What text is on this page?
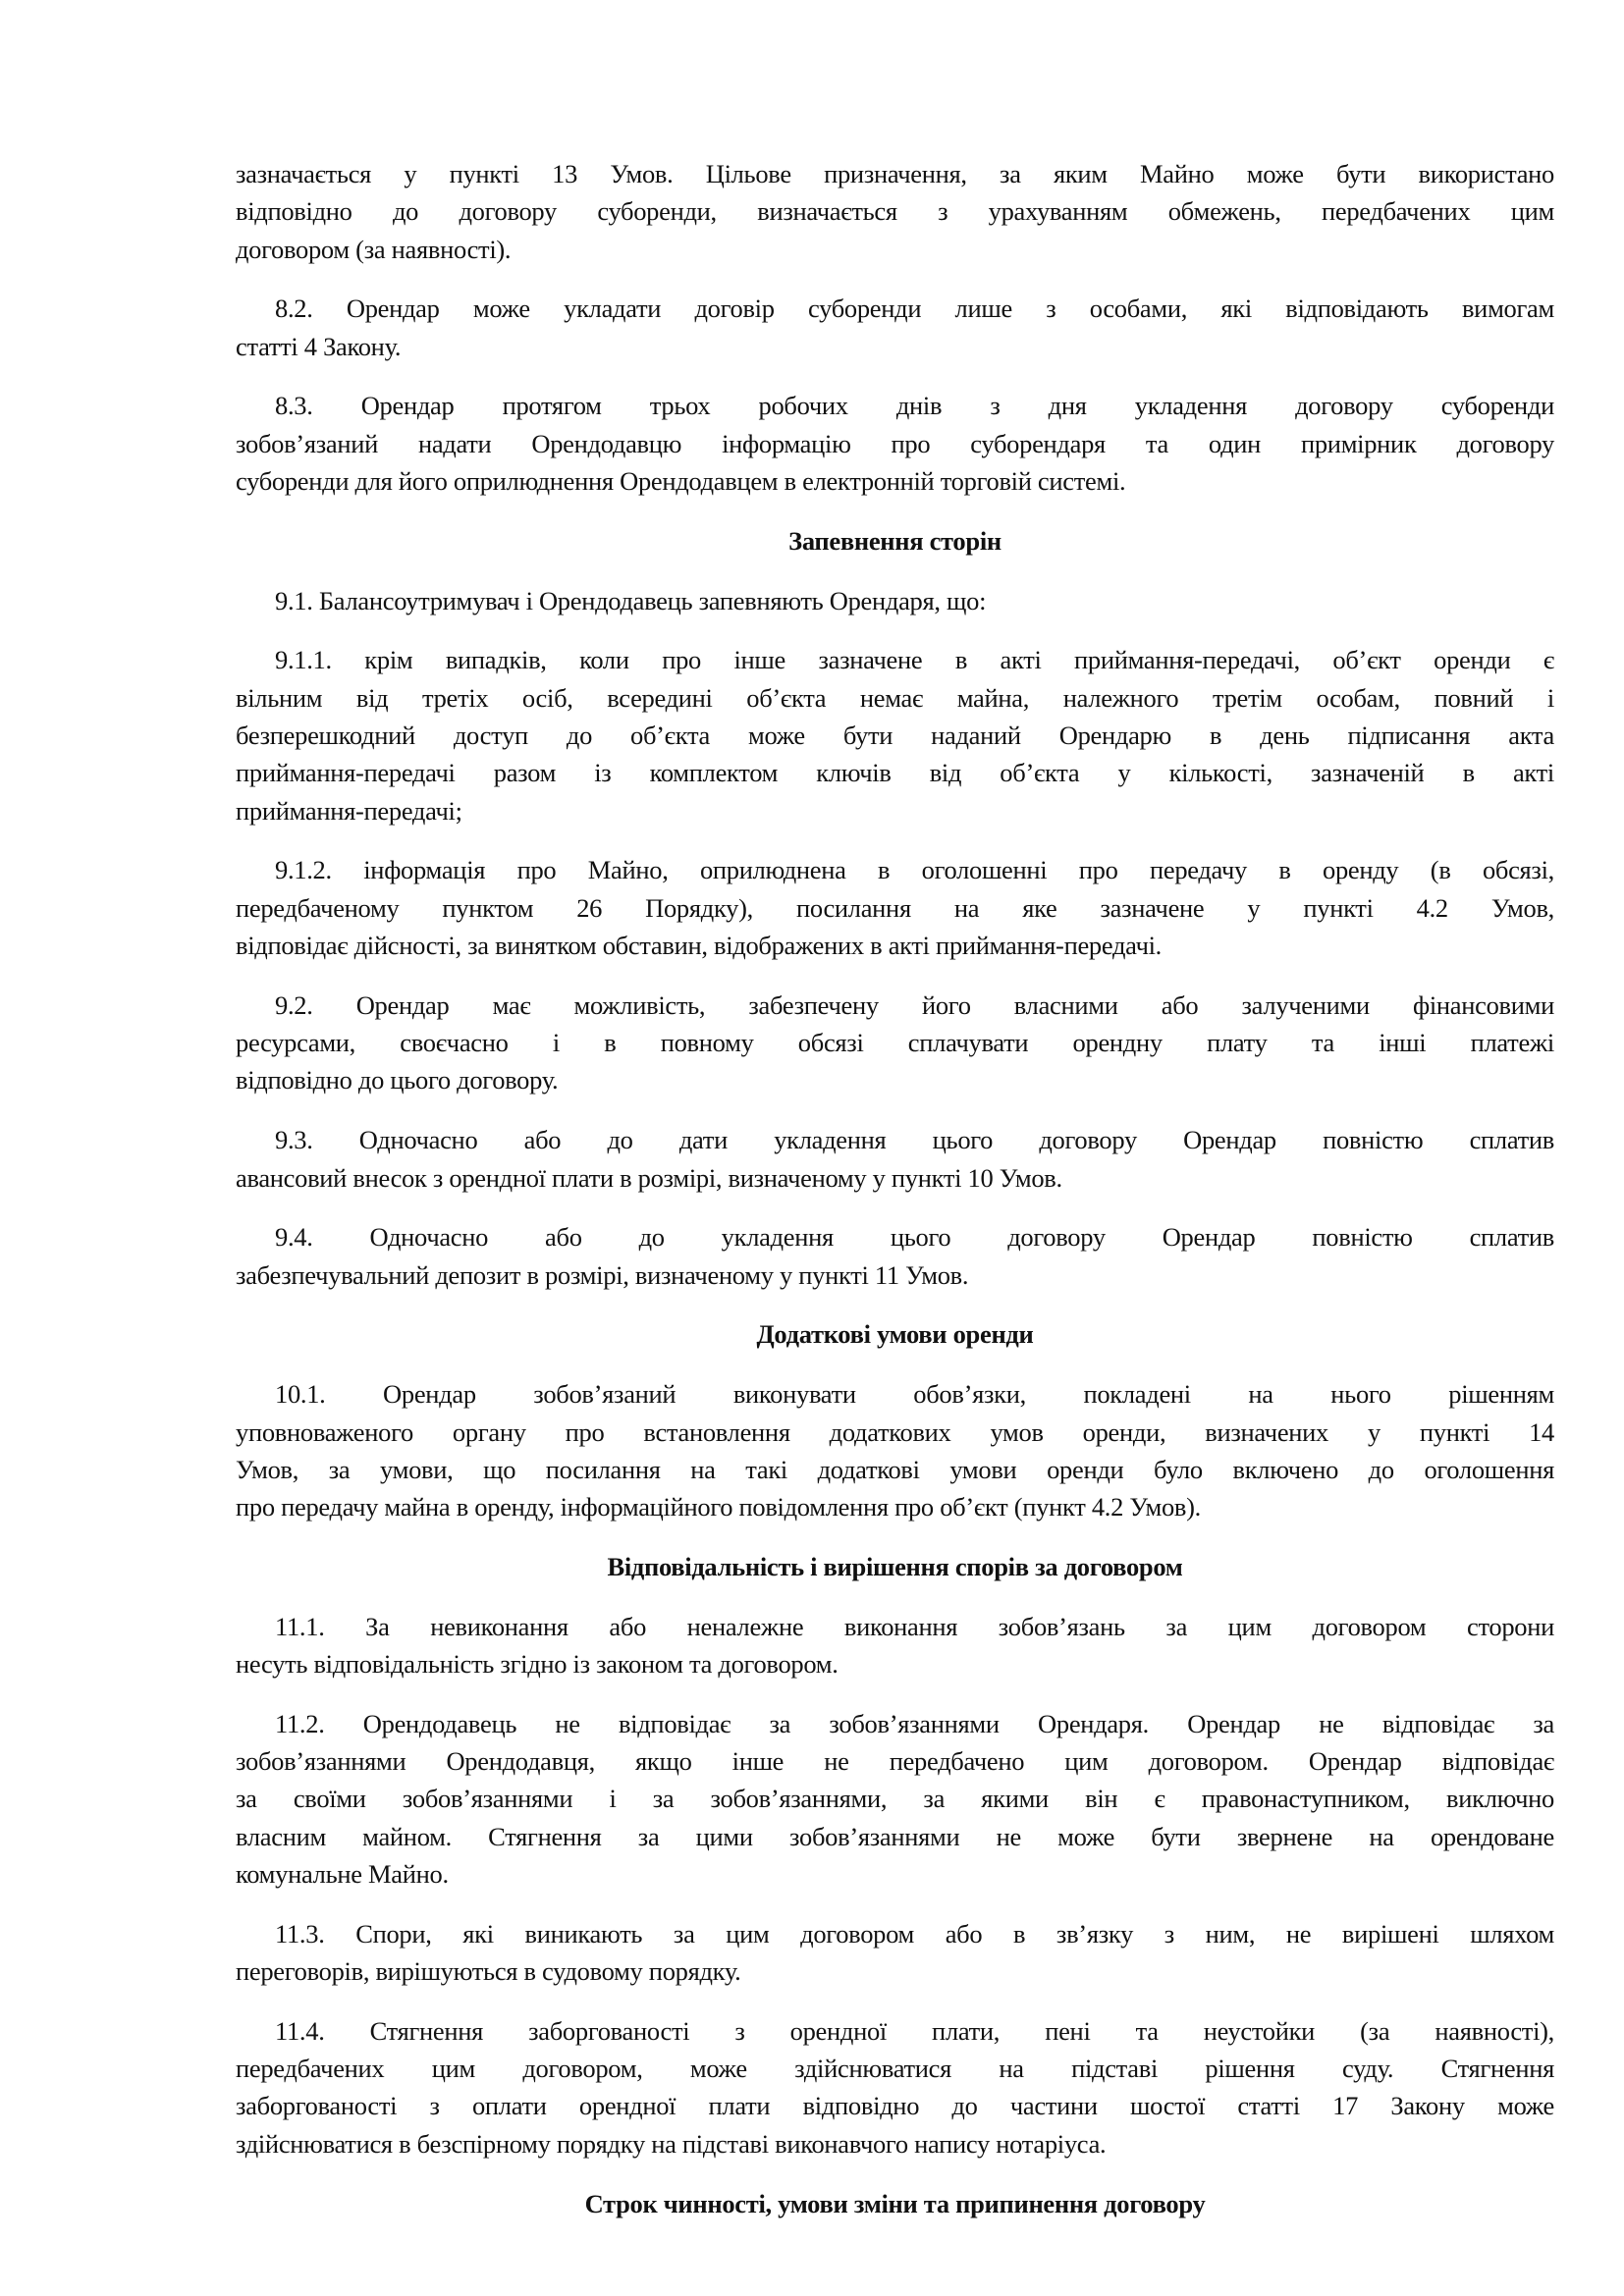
зазначається у пункті 13 Умов. Цільове призначення, за яким Майно може бути використано
відповідно до договору суборенди, визначається з урахуванням обмежень, передбачених цим
договором (за наявності).
8.2. Орендар може укладати договір суборенди лише з особами, які відповідають вимогам
статті 4 Закону.
8.3. Орендар протягом трьох робочих днів з дня укладення договору суборенди
зобов’язаний надати Орендодавцю інформацію про суборендаря та один примірник договору
суборенди для його оприлюднення Орендодавцем в електронній торговій системі.
Запевнення сторін
9.1. Балансоутримувач і Орендодавець запевняють Орендаря, що:
9.1.1. крім випадків, коли про інше зазначене в акті приймання-передачі, об’єкт оренди є
вільним від третіх осіб, всередині об’єкта немає майна, належного третім особам, повний і
безперешкодний доступ до об’єкта може бути наданий Орендарю в день підписання акта
приймання-передачі разом із комплектом ключів від об’єкта у кількості, зазначеній в акті
приймання-передачі;
9.1.2. інформація про Майно, оприлюднена в оголошенні про передачу в оренду (в обсязі,
передбаченому пунктом 26 Порядку), посилання на яке зазначене у пункті 4.2 Умов,
відповідає дійсності, за винятком обставин, відображених в акті приймання-передачі.
9.2. Орендар має можливість, забезпечену його власними або залученими фінансовими
ресурсами, своєчасно і в повному обсязі сплачувати орендну плату та інші платежі
відповідно до цього договору.
9.3. Одночасно або до дати укладення цього договору Орендар повністю сплатив
авансовий внесок з орендної плати в розмірі, визначеному у пункті 10 Умов.
9.4. Одночасно або до укладення цього договору Орендар повністю сплатив
забезпечувальний депозит в розмірі, визначеному у пункті 11 Умов.
Додаткові умови оренди
10.1. Орендар зобов’язаний виконувати обов’язки, покладені на нього рішенням
уповноваженого органу про встановлення додаткових умов оренди, визначених у пункті 14
Умов, за умови, що посилання на такі додаткові умови оренди було включено до оголошення
про передачу майна в оренду, інформаційного повідомлення про об’єкт (пункт 4.2 Умов).
Відповідальність і вирішення спорів за договором
11.1. За невиконання або неналежне виконання зобов’язань за цим договором сторони
несуть відповідальність згідно із законом та договором.
11.2. Орендодавець не відповідає за зобов’язаннями Орендаря. Орендар не відповідає за
зобов’язаннями Орендодавця, якщо інше не передбачено цим договором. Орендар відповідає
за своїми зобов’язаннями і за зобов’язаннями, за якими він є правонаступником, виключно
власним майном. Стягнення за цими зобов’язаннями не може бути звернене на орендоване
комунальне Майно.
11.3. Спори, які виникають за цим договором або в зв’язку з ним, не вирішені шляхом
переговорів, вирішуються в судовому порядку.
11.4. Стягнення заборгованості з орендної плати, пені та неустойки (за наявності),
передбачених цим договором, може здійснюватися на підставі рішення суду. Стягнення
заборгованості з оплати орендної плати відповідно до частини шостої статті 17 Закону може
здійснюватися в безспірному порядку на підставі виконавчого напису нотаріуса.
Строк чинності, умови зміни та припинення договору
